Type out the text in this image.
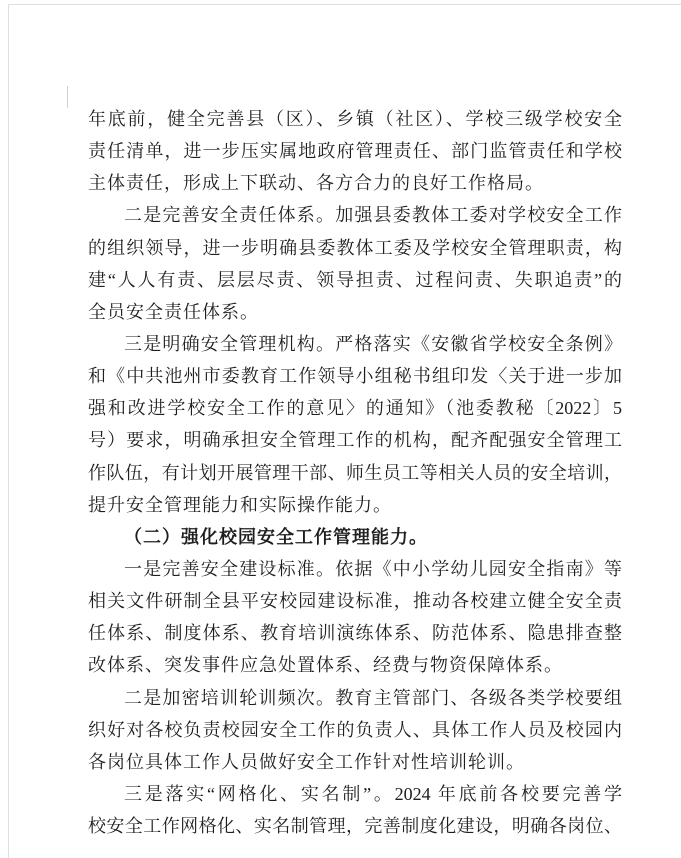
年底前，健全完善县（区）、乡镇（社区）、学校三级学校安全
责任清单，进一步压实属地政府管理责任、部门监管责任和学校
主体责任，形成上下联动、各方合力的良好工作格局。
二是完善安全责任体系。加强县委教体工委对学校安全工作
的组织领导，进一步明确县委教体工委及学校安全管理职责，构
建“人人有责、层层尽责、领导担责、过程问责、失职追责”的
全员安全责任体系。
三是明确安全管理机构。严格落实《安徽省学校安全条例》
和《中共池州市委教育工作领导小组秘书组印发〈关于进一步加
强和改进学校安全工作的意见〉的通知》（池委教秘〔2022〕5
号）要求，明确承担安全管理工作的机构，配齐配强安全管理工
作队伍，有计划开展管理干部、师生员工等相关人员的安全培训，
提升安全管理能力和实际操作能力。
（二）强化校园安全工作管理能力。
一是完善安全建设标准。依据《中小学幼儿园安全指南》等
相关文件研制全县平安校园建设标准，推动各校建立健全安全责
任体系、制度体系、教育培训演练体系、防范体系、隐患排查整
改体系、突发事件应急处置体系、经费与物资保障体系。
二是加密培训轮训频次。教育主管部门、各级各类学校要组
织好对各校负责校园安全工作的负责人、具体工作人员及校园内
各岗位具体工作人员做好安全工作针对性培训轮训。
三是落实“网格化、实名制”。2024 年底前各校要完善学
校安全工作网格化、实名制管理，完善制度化建设，明确各岗位、
